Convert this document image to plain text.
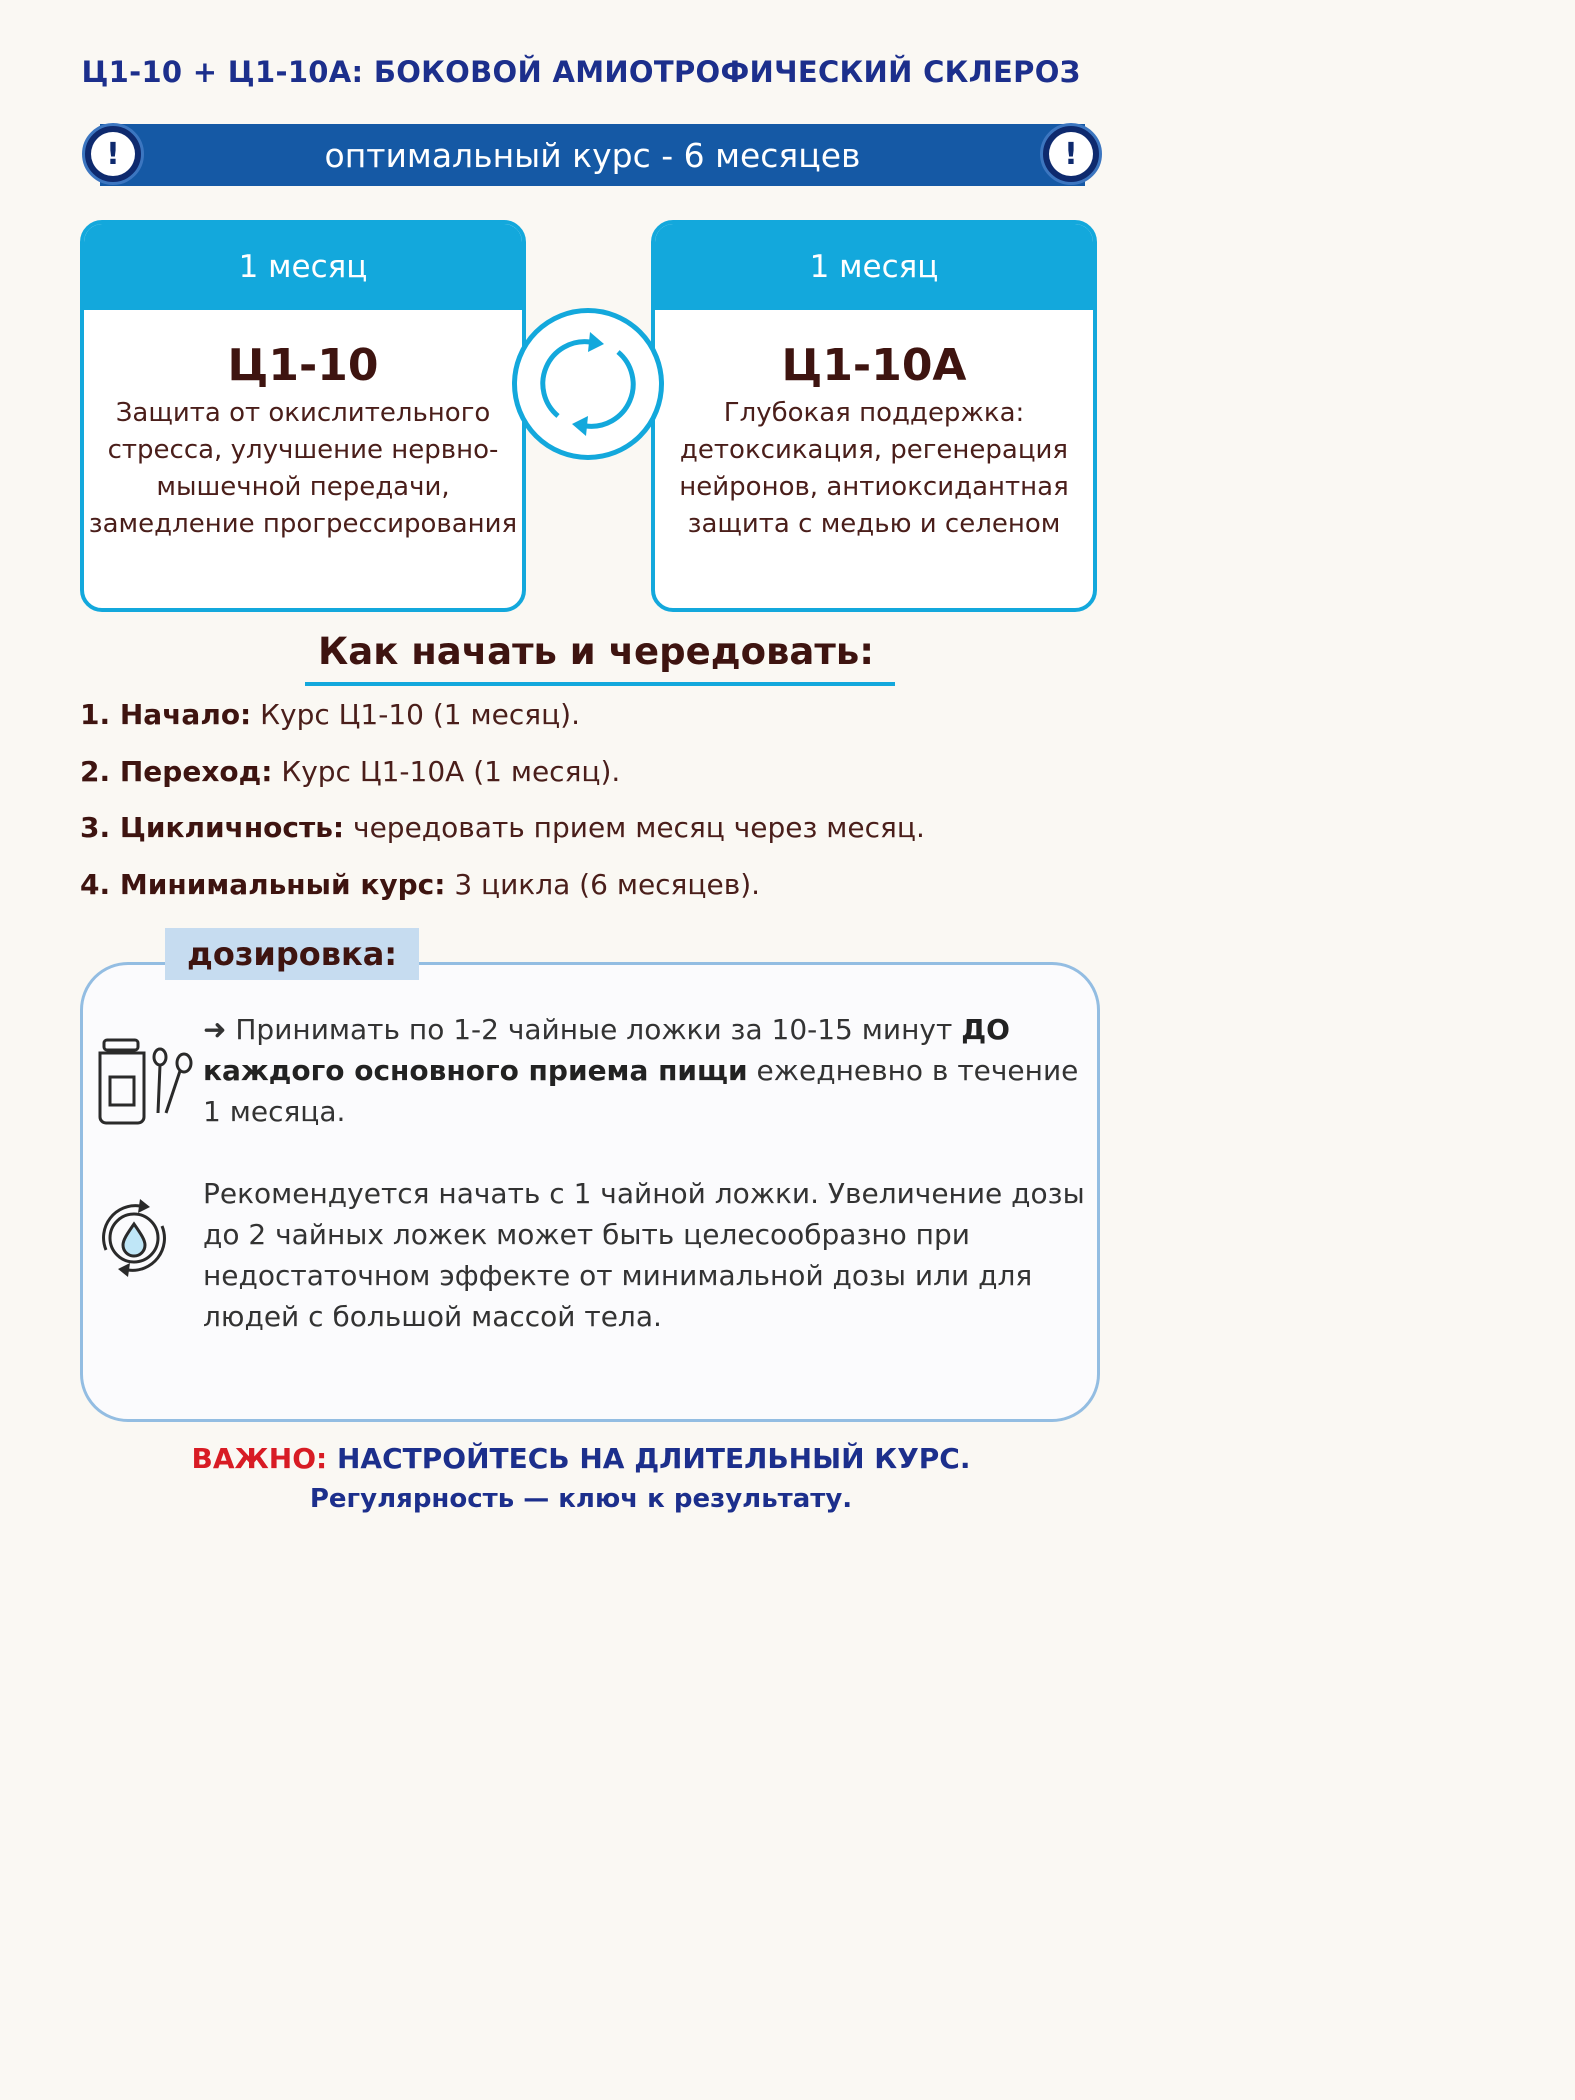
Ц1-10 + Ц1-10А: БОКОВОЙ АМИОТРОФИЧЕСКИЙ СКЛЕРОЗ
оптимальный курс - 6 месяцев
!	!
1 месяц
Ц1-10
Защита от окислительного стресса, улучшение нервно-мышечной передачи, замедление прогрессирования
1 месяц
Ц1-10А
Глубокая поддержка: детоксикация, регенерация нейронов, антиоксидантная защита с медью и селеном
Как начать и чередовать:
1. Начало: Курс Ц1-10 (1 месяц).
2. Переход: Курс Ц1-10А (1 месяц).
3. Цикличность: чередовать прием месяц через месяц.
4. Минимальный курс: 3 цикла (6 месяцев).
дозировка:
➜ Принимать по 1-2 чайные ложки за 10-15 минут ДО каждого основного приема пищи ежедневно в течение 1 месяца.
Рекомендуется начать с 1 чайной ложки. Увеличение дозы до 2 чайных ложек может быть целесообразно при недостаточном эффекте от минимальной дозы или для людей с большой массой тела.
ВАЖНО: НАСТРОЙТЕСЬ НА ДЛИТЕЛЬНЫЙ КУРС.
Регулярность — ключ к результату.
